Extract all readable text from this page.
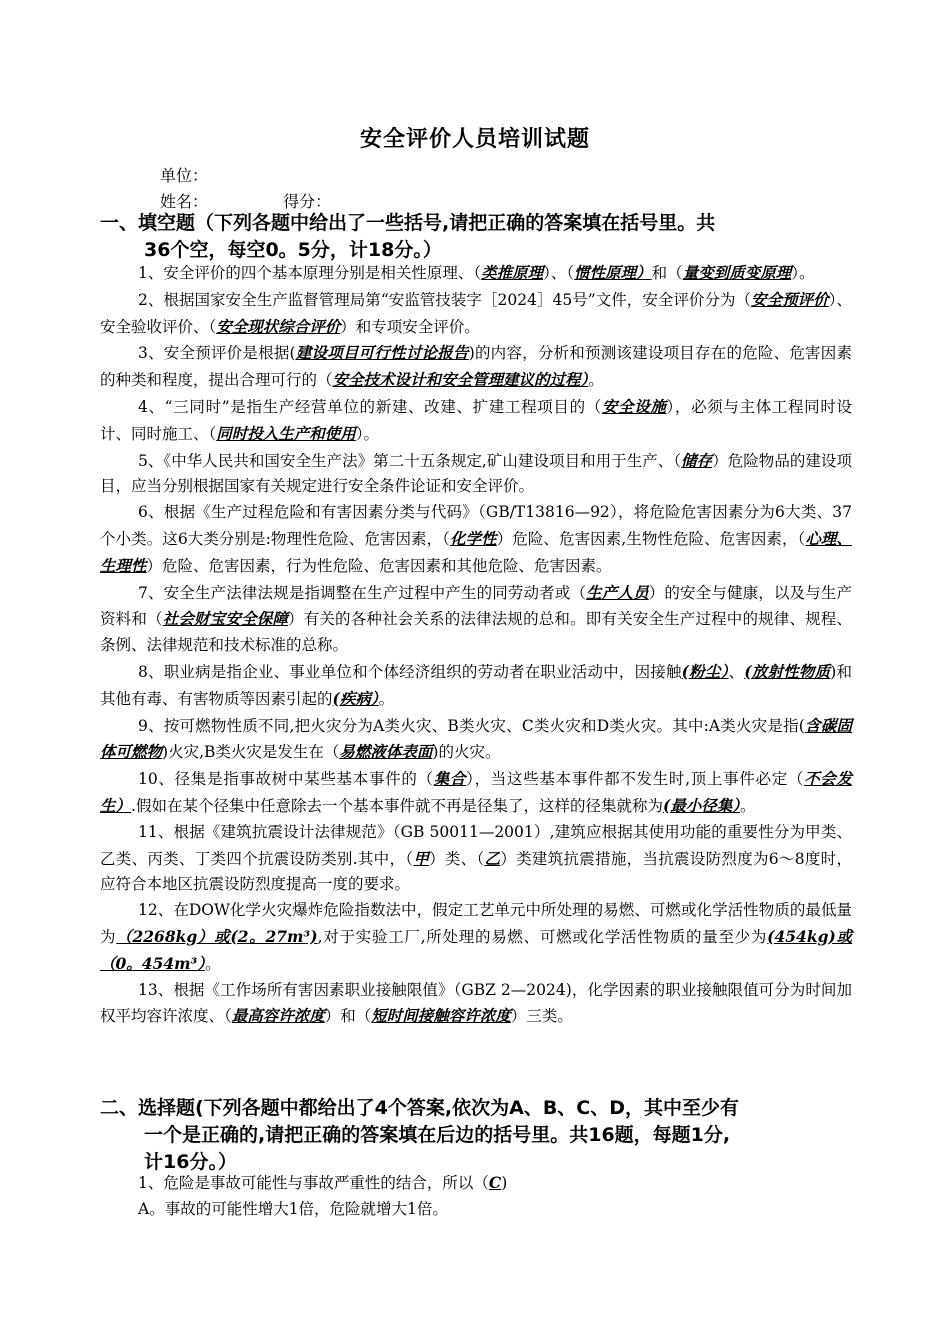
安全评价人员培训试题
单位：
姓名：	得分：
一、填空题（下列各题中给出了一些括号,请把正确的答案填在括号里。共
36个空，每空0。5分，计18分。）

1、安全评价的四个基本原理分别是相关性原理、（类推原理）、（惯性原理）和（量变到质变原理）。

2、根据国家安全生产监督管理局第“安监管技装字［2024］45号”文件，安全评价分为（安全预评价）、安全验收评价、（安全现状综合评价）和专项安全评价。

3、安全预评价是根据(建设项目可行性讨论报告)的内容，分析和预测该建设项目存在的危险、危害因素的种类和程度，提出合理可行的（安全技术设计和安全管理建议的过程）。

4、“三同时”是指生产经营单位的新建、改建、扩建工程项目的（安全设施），必须与主体工程同时设计、同时施工、（同时投入生产和使用）。

5、《中华人民共和国安全生产法》第二十五条规定,矿山建设项目和用于生产、（储存）危险物品的建设项目，应当分别根据国家有关规定进行安全条件论证和安全评价。

6、根据《生产过程危险和有害因素分类与代码》（GB/T13816—92），将危险危害因素分为6大类、37个小类。这6大类分别是:物理性危险、危害因素，（化学性）危险、危害因素,生物性危险、危害因素，（心理、生理性）危险、危害因素，行为性危险、危害因素和其他危险、危害因素。

7、安全生产法律法规是指调整在生产过程中产生的同劳动者或（生产人员）的安全与健康，以及与生产资料和（社会财宝安全保障）有关的各种社会关系的法律法规的总和。即有关安全生产过程中的规律、规程、条例、法律规范和技术标准的总称。

8、职业病是指企业、事业单位和个体经济组织的劳动者在职业活动中，因接触(粉尘）、(放射性物质)和其他有毒、有害物质等因素引起的(疾病）。

9、按可燃物性质不同,把火灾分为A类火灾、B类火灾、C类火灾和D类火灾。其中:A类火灾是指(含碳固体可燃物)火灾,B类火灾是发生在（易燃液体表面)的火灾。

10、径集是指事故树中某些基本事件的（集合），当这些基本事件都不发生时,顶上事件必定（不会发生）.假如在某个径集中任意除去一个基本事件就不再是径集了，这样的径集就称为(最小径集）。

11、根据《建筑抗震设计法律规范》（GB 50011—2001）,建筑应根据其使用功能的重要性分为甲类、乙类、丙类、丁类四个抗震设防类别.其中，（甲）类、（乙）类建筑抗震措施，当抗震设防烈度为6～8度时，应符合本地区抗震设防烈度提高一度的要求。

12、在DOW化学火灾爆炸危险指数法中，假定工艺单元中所处理的易燃、可燃或化学活性物质的最低量为（2268kg）或(2。27m³),对于实验工厂,所处理的易燃、可燃或化学活性物质的量至少为(454kg)或（0。454m³）。

13、根据《工作场所有害因素职业接触限值》（GBZ 2—2024)，化学因素的职业接触限值可分为时间加权平均容许浓度、（最高容许浓度）和（短时间接触容许浓度）三类。

二、选择题(下列各题中都给出了4个答案,依次为A、B、C、D，其中至少有
一个是正确的,请把正确的答案填在后边的括号里。共16题，每题1分,
计16分。）

1、危险是事故可能性与事故严重性的结合，所以（C)

A。事故的可能性增大1倍，危险就增大1倍。
